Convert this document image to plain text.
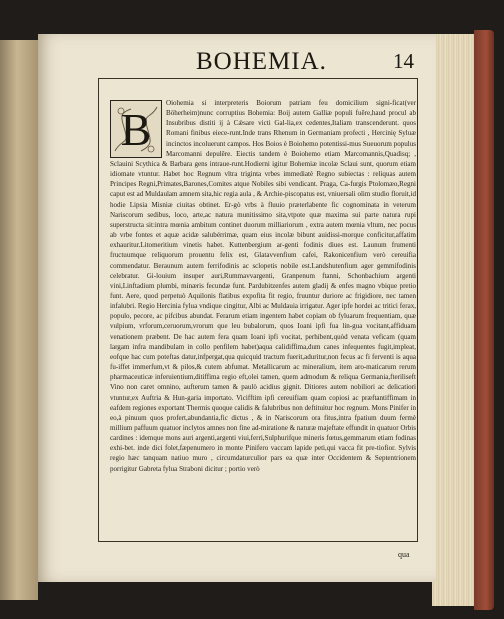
BOHEMIA.	14

Oiohemia si interpreteris Boiorum patriam feu domicilium signi-ficat(ver Böherheim)nunc corruptius Bohemia: Boij autem Galliæ populi fuêre,haud procul ab Insubribus distiti ij à Cǽsare victi Gal-lia,ex cedentes,Italiam transcenderunt. quos Romani finibus eiece-runt.Inde trans Rhenum in Germaniam profecti , Hercinię Syluæ incinctos incoluerunt campos. Hos Boios è Boiohemo potentissi-mus Sueuorum populus Marcomanni depulêre. Eiectis tandem è Boiohemo etiam Marcomannis,Quadisq; , Sclauini Scythica & Barbara gens intraue-runt.Hodierni igitur Bohemiæ incolæ Sclaui sunt, quorum etiam idiomate vtuntur. Habet hoc Regnum vltra triginta vrbes immediatè Regno subiectas : reliquas autem Principes Regni,Primates,Barones,Comites atque Nobiles sibi vendicant. Praga, Ca-furgis Ptolomæo,Regni caput est ad Muldaulam amnem sita,hic regia aula , & Archie-piscopatus est, vniuersali olim studio floruit,id hodie Lipsia Misniæ ciuitas obtinet. Er-gò vrbs à fluuio præterlabente fic cognominata in veterum Nariscorum sedibus, loco, arte,ac natura munitissimo sita,vtpote quæ maxima sui parte natura rupi superstructa sit:intra mœnia ambitum continet duorum milliariorum , extra autem mœnia vltum, nec pocus ab vrbe fontes et aquæ acidæ salubérrimæ, quam eius incolæ bibunt auidissi-morque conficitur,affatim exhauritur.Litomeritium vinetis habet. Kuttenbergium ar-genti fodinis diues est. Launum frumenti fructuumque reliquorum prouentu felix est, Glatavvenfium cafei, Rakonicenfium verò cereuifia commendatur. Beraunum autem ferrifodinis ac sclopetis nobile est.Landshutenfium ager gemmifodinis celebratur. Gi-louium insuper auri,Rummavvargenti, Granpenum ftanni, Schonbachium argenti vini,Linftadium plumbi, minæris fecundæ funt. Pardubitzenfes autem gladij & enfes magno vbique pretio funt. Aere, quod perpetuò Aquilonis flatibus expofita fit regio, fruuntur duriore ac frigidiore, nec tamen infalubri. Regio Hercinia fylua vndique cingitur, Albi ac Muldauia irrigatur. Ager ipfe hordei ac tritici ferax, populo, pecore, ac pifcibus abundat. Ferarum etiam ingentem habet copiam ob fyluarum frequentiam, quæ vulpium, vrforum,ceruorum,vrorum que leu bubalorum, quos Ioani ipfi fua lin-gua vocitant,affiduam venationem præbent. De hac autem fera quam Ioani ipfi vocitat, perhibent,quòd venata veficam (quam largam infra mandibulam in collo penfilem habet)aqua calidiffima,dum canes infequentes fugit,impleat, eofque hac cum poteftas datur,infpergat,qua quicquid tractum fuerit,aduritur,non fecus ac fi ferventi is aqua fu-iffet immerfum,vt & pilos,& cutem abfumat. Metallicarum ac mineralium, item aro-maticarum rerum pharmaceuticæ inferuientium,ditiffima regio eft,olei tamen, quem admodum & reliqua Germania,fteriliseft Vino non caret omnino, aufterum tamen & paulò acidius gignit. Ditiores autem nobiliori ac delicatiori vtuntur,ex Auftria & Hun-garia importato. Vicifftim ipfi cereuifiam quam copiosi ac præftantiffimam in eafdem regiones exportant Thermis quoque calidis & falubribus non deftituitur hoc regnum. Mons Pinifer in eo,à pinuum quos profert,abundantia,fic dictus , & in Nariscorum ora fitus,intra fpatium duum fermè millium paffuum quatuor inclytos amnes non fine ad-miratione & naturæ majeftate effundit in quatuor Orbis cardines : idemque mons auri argenti,argenti viui,ferri,Sulphurifque mineris fœtus,gemmarum etiam fodinas exhi-bet. inde dici folet,fæpenumero in monte Pinifero vaccam lapide peti,qui vacca fit pre-tiofior. Sylvis regio hæc tanquam natiuo muro , circumdaturculior pars ea quæ inter Occidentem & Septentrionem porrigitur Gabreta fylua Straboni dicitur ; portio verò

B
qua
